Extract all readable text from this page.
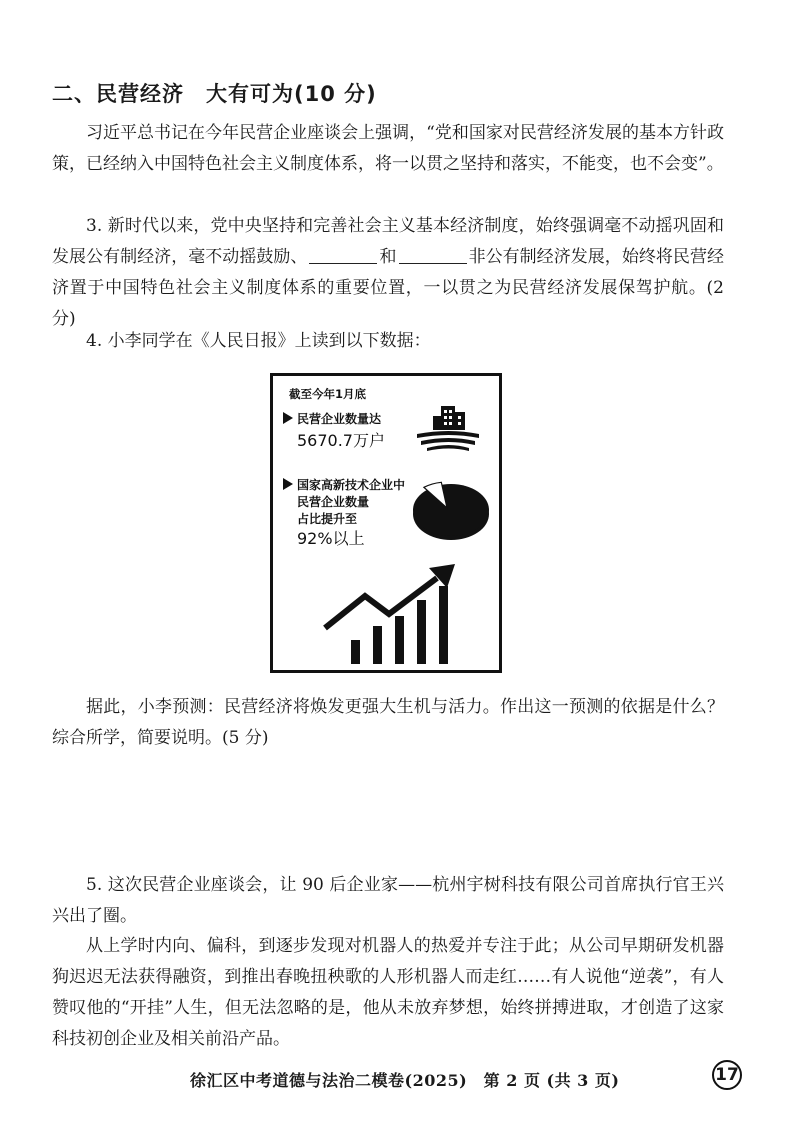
二、民营经济　大有可为(10 分)
习近平总书记在今年民营企业座谈会上强调，“党和国家对民营经济发展的基本方针政策，已经纳入中国特色社会主义制度体系，将一以贯之坚持和落实，不能变，也不会变”。
3. 新时代以来，党中央坚持和完善社会主义基本经济制度，始终强调毫不动摇巩固和发展公有制经济，毫不动摇鼓励、	和	非公有制经济发展，始终将民营经济置于中国特色社会主义制度体系的重要位置，一以贯之为民营经济发展保驾护航。(2 分)
4. 小李同学在《人民日报》上读到以下数据：
截至今年1月底
民营企业数量达
5670.7万户
国家高新技术企业中
民营企业数量
占比提升至
92%以上
据此，小李预测：民营经济将焕发更强大生机与活力。作出这一预测的依据是什么？综合所学，简要说明。(5 分)
5. 这次民营企业座谈会，让 90 后企业家——杭州宇树科技有限公司首席执行官王兴兴出了圈。
从上学时内向、偏科，到逐步发现对机器人的热爱并专注于此；从公司早期研发机器狗迟迟无法获得融资，到推出春晚扭秧歌的人形机器人而走红……有人说他“逆袭”，有人赞叹他的“开挂”人生，但无法忽略的是，他从未放弃梦想，始终拼搏进取，才创造了这家科技初创企业及相关前沿产品。
徐汇区中考道德与法治二模卷(2025)　第 2 页 (共 3 页)	17
